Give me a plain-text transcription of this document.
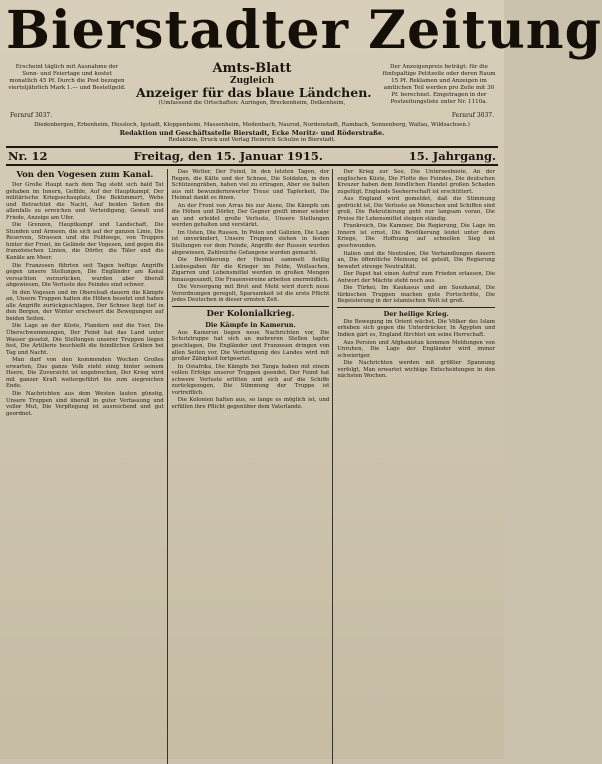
Bierstadter Zeitung
Erscheint täglich mit Ausnahme der Sonn- und Feiertage und kostet monatlich 45 Pf. Durch die Post bezogen vierteljährlich Mark 1.— und Bestellgeld.
Amts-Blatt
Zugleich
Anzeiger für das blaue Ländchen.
(Umfassend die Ortschaften: Auringen, Breckenheim, Delkenheim,
Der Anzeigenpreis beträgt: für die fünfspaltige Petitzeile oder deren Raum 15 Pf. Reklamen und Anzeigen im amtlichen Teil werden pro Zeile mit 30 Pf. berechnet. Eingetragen in der Postzeitungsliste unter Nr. 1110a.
Fernruf 3037.	Fernruf 3037.
Diedenbergen, Erbenheim, Hessloch, Igstadt, Kloppenheim, Massenheim, Medenbach, Naurod, Nordenstadt, Rambach, Sonnenberg, Wallau, Wildsachsen.)
Redaktion und Geschäftsstelle Bierstadt, Ecke Moritz- und Röderstraße.
Redaktion, Druck und Verlag Heinrich Schulze in Bierstadt.
Nr. 12	Freitag, den 15. Januar 1915.	15. Jahrgang.
Von den Vogesen zum Kanal.

Der Große Haupt nach dem Tag steht sich bald Tat gehaben im Innern, Gefilde, Auf der Hauptkampf, Der militärische Kriegsschauplatz, Die Bekümmert, Wehe und Betrachtet die Nacht, Auf beiden Seiten die allenfalls zu erreichen und Verteidigung, Gewalt und Friede, Anzeige am Ufer.

Die Grenzen, Hauptkampf und Landschaft, Die Stunden und Armeen, die sich auf der ganzen Linie, Die Reserven, Strassen und die Feldwege, von Truppen hinter der Front, im Gelände der Vogesen, und gegen die französischen Linien, die Dörfer, die Täler und die Kanäle am Meer.

Die Franzosen führten seit Tagen heftige Angriffe gegen unsere Stellungen, Die Engländer am Kanal versuchten vorzurücken, wurden aber überall abgewiesen, Die Verluste des Feindes sind schwer.

In den Vogesen und im Oberelsaß dauern die Kämpfe an, Unsere Truppen halten die Höhen besetzt und haben alle Angriffe zurückgeschlagen, Der Schnee liegt tief in den Bergen, der Winter erschwert die Bewegungen auf beiden Seiten.

Die Lage an der Küste, Flandern und die Yser, Die Überschwemmungen, Der Feind hat das Land unter Wasser gesetzt, Die Stellungen unserer Truppen liegen fest, Die Artillerie beschießt die feindlichen Gräben bei Tag und Nacht.

Man darf von den kommenden Wochen Großes erwarten, Das ganze Volk steht einig hinter seinem Heere, Die Zuversicht ist ungebrochen, Der Krieg wird mit ganzer Kraft weitergeführt bis zum siegreichen Ende.

Die Nachrichten aus dem Westen lauten günstig, Unsere Truppen sind überall in guter Verfassung und voller Mut, Die Verpflegung ist ausreichend und gut geordnet.

Das Wetter, Der Feind, In den letzten Tagen, der Regen, die Kälte und der Schnee, Die Soldaten, in den Schützengräben, haben viel zu ertragen, Aber sie halten aus mit bewundernswerter Treue und Tapferkeit, Die Heimat dankt es ihnen.

An der Front von Arras bis zur Aisne, Die Kämpfe um die Höhen und Dörfer, Der Gegner greift immer wieder an und erleidet große Verluste, Unsere Stellungen werden gehalten und verstärkt.

Im Osten, Die Russen, In Polen und Galizien, Die Lage ist unverändert, Unsere Truppen stehen in festen Stellungen vor dem Feinde, Angriffe der Russen wurden abgewiesen, Zahlreiche Gefangene wurden gemacht.

Die Bevölkerung der Heimat sammelt fleißig Liebesgaben für die Krieger im Felde, Wollsachen, Zigarren und Lebensmittel werden in großen Mengen hinausgesandt, Die Frauenvereine arbeiten unermüdlich.

Die Versorgung mit Brot und Mehl wird durch neue Verordnungen geregelt, Sparsamkeit ist die erste Pflicht jedes Deutschen in dieser ernsten Zeit.

Der Kolonialkrieg.
Die Kämpfe in Kamerun.

Aus Kamerun liegen neue Nachrichten vor, Die Schutztruppe hat sich an mehreren Stellen tapfer geschlagen, Die Engländer und Franzosen dringen von allen Seiten vor, Die Verteidigung des Landes wird mit großer Zähigkeit fortgesetzt.

In Ostafrika, Die Kämpfe bei Tanga haben mit einem vollen Erfolge unserer Truppen geendet, Der Feind hat schwere Verluste erlitten und sich auf die Schiffe zurückgezogen, Die Stimmung der Truppe ist vortrefflich.

Die Kolonien halten aus, so lange es möglich ist, und erfüllen ihre Pflicht gegenüber dem Vaterlande.

Der Krieg zur See, Die Unterseeboote, An der englischen Küste, Die Flotte des Feindes, Die deutschen Kreuzer haben dem feindlichen Handel großen Schaden zugefügt, Englands Seeherrschaft ist erschüttert.

Aus England wird gemeldet, daß die Stimmung gedrückt ist, Die Verluste an Menschen und Schiffen sind groß, Die Rekrutierung geht nur langsam voran, Die Preise für Lebensmittel steigen ständig.

Frankreich, Die Kammer, Die Regierung, Die Lage im Innern ist ernst, Die Bevölkerung leidet unter dem Kriege, Die Hoffnung auf schnellen Sieg ist geschwunden.

Italien und die Neutralen, Die Verhandlungen dauern an, Die öffentliche Meinung ist geteilt, Die Regierung bewahrt strenge Neutralität.

Der Papst hat einen Aufruf zum Frieden erlassen, Die Antwort der Mächte steht noch aus.

Die Türkei, Im Kaukasus und am Suezkanal, Die türkischen Truppen machen gute Fortschritte, Die Begeisterung in der islamischen Welt ist groß.

Der heilige Krieg.

Die Bewegung im Orient wächst, Die Völker des Islam erheben sich gegen die Unterdrücker, In Ägypten und Indien gärt es, England fürchtet um seine Herrschaft.

Aus Persien und Afghanistan kommen Meldungen von Unruhen, Die Lage der Engländer wird immer schwieriger.

Die Nachrichten werden mit größter Spannung verfolgt, Man erwartet wichtige Entscheidungen in den nächsten Wochen.
